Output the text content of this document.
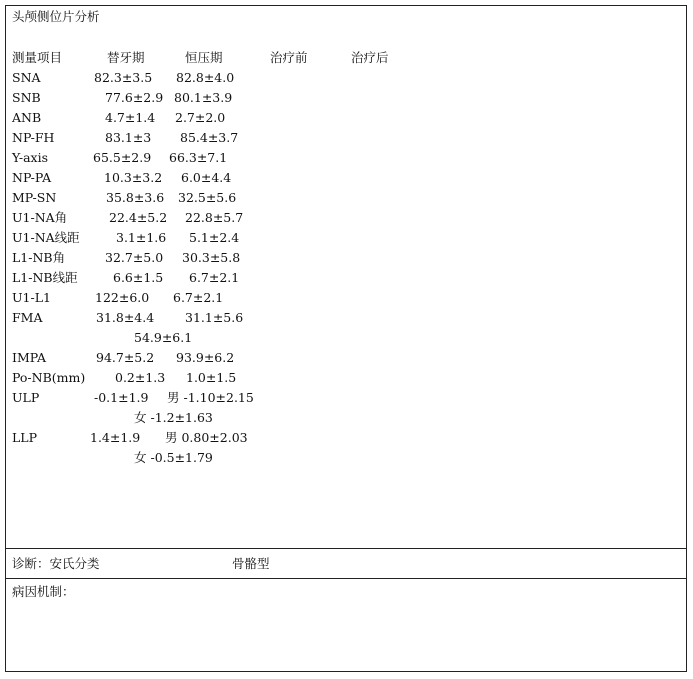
头颅侧位片分析
测量项目	替牙期	恒压期	治疗前	治疗后
SNA	82.3±3.5 82.8±4.0
SNB	77.6±2.9 80.1±3.9
ANB	4.7±1.4 2.7±2.0
NP-FH	83.1±3 85.4±3.7
Y-axis	65.5±2.9 66.3±7.1
NP-PA	10.3±3.2 6.0±4.4
MP-SN	35.8±3.6 32.5±5.6
U1-NA角	22.4±5.2 22.8±5.7
U1-NA线距	3.1±1.6 5.1±2.4
L1-NB角	32.7±5.0 30.3±5.8
L1-NB线距	6.6±1.5 6.7±2.1
U1-L1	122±6.0 6.7±2.1
FMA	31.8±4.4 31.1±5.6
54.9±6.1
IMPA	94.7±5.2 93.9±6.2
Po-NB(mm) 0.2±1.3 1.0±1.5
ULP	-0.1±1.9 男 -1.10±2.15
女 -1.2±1.63
LLP	1.4±1.9 男 0.80±2.03
女 -0.5±1.79
诊断：安氏分类	骨骼型
病因机制：
